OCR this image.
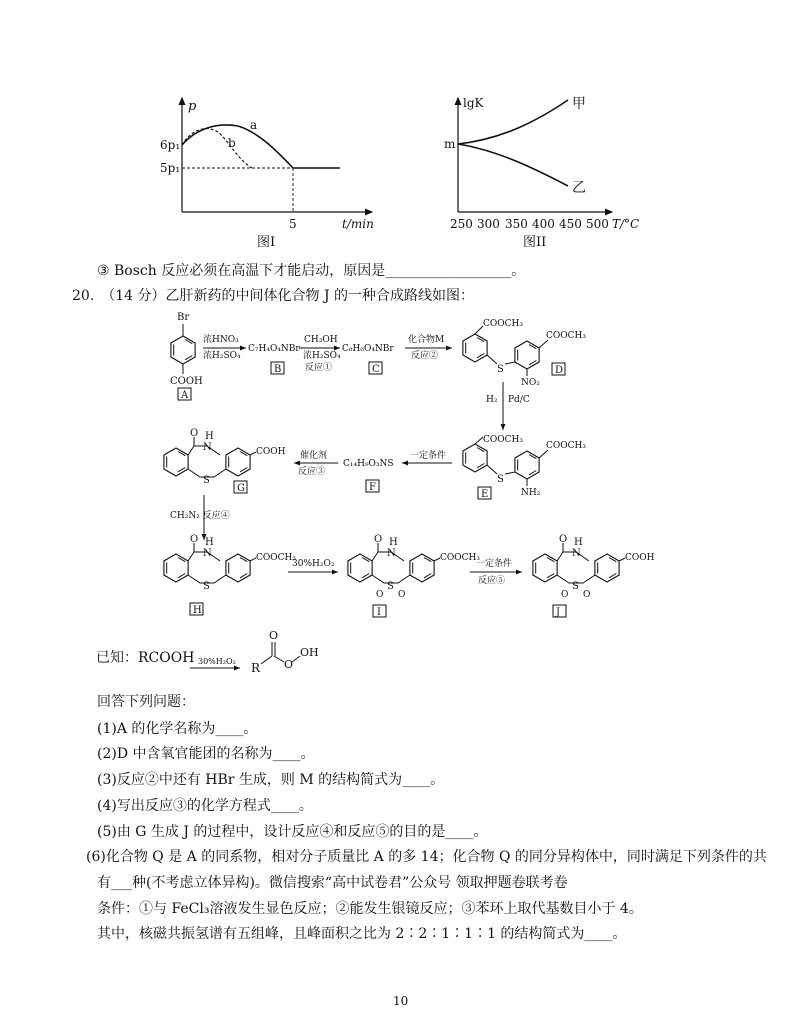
p
6p₁
5p₁
a
b
5	t/min
图I
lgK
m
甲
乙
250 300 350 400 450 500 T/°C
图II
③ Bosch 反应必须在高温下才能启动，原因是__________________。
20.　（14 分）乙肝新药的中间体化合物 J 的一种合成路线如图：
Br
COOH
A
浓HNO₃
浓H₂SO₄
C₇H₄O₄NBr
B
CH₃OH
浓H₂SO₄
反应①
C₈H₆O₄NBr
C
化合物M
反应②
S
COOCH₃
COOCH₃
NO₂
D
H₂ Pd/C
S
COOCH₃
COOCH₃
NH₂
E
一定条件
C₁₄H₉O₃NS
F
催化剂
反应③
O
N
H
S
COOH
G
CH₂N₂ 反应④
O
N
H
S
COOCH₃
H
30%H₂O₂
O
N
H
S
O O
COOCH₃
I
一定条件
反应⑤
O
N
H
S
O O
COOH
J
已知：RCOOH 30%H₂O₂ R
O
O
OH
回答下列问题：
(1)A 的化学名称为____。
(2)D 中含氧官能团的名称为____。
(3)反应②中还有 HBr 生成，则 M 的结构简式为____。
(4)写出反应③的化学方程式____。
(5)由 G 生成 J 的过程中，设计反应④和反应⑤的目的是____。
(6)化合物 Q 是 A 的同系物，相对分子质量比 A 的多 14；化合物 Q 的同分异构体中，同时满足下列条件的共
有___种(不考虑立体异构)。微信搜索“高中试卷君”公众号 领取押题卷联考卷
条件：①与 FeCl₃溶液发生显色反应；②能发生银镜反应；③苯环上取代基数目小于 4。
其中，核磁共振氢谱有五组峰，且峰面积之比为 2∶2∶1∶1∶1 的结构简式为____。
10
